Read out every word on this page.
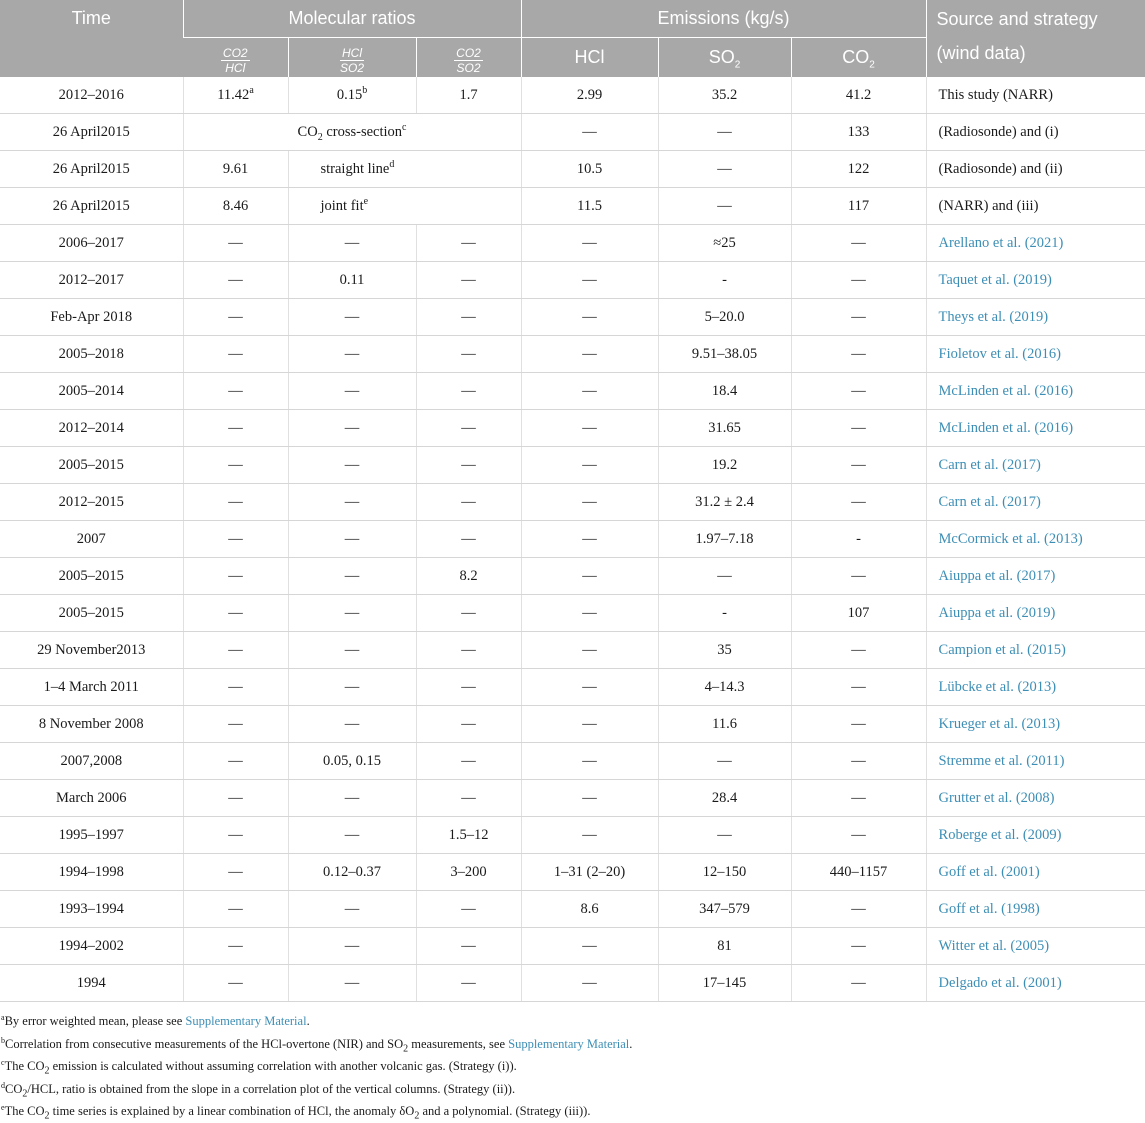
Time	Molecular ratios			Emissions (kg/s)			Source and strategy
(wind data)

	$\frac{CO2}{\text{HCl}}$	$\frac{\text{HCl}}{SO2}$	$\frac{CO2}{SO2}$	HCl	$SO_2$	$CO_2$
2012–2016	11.42$^a$	0.15$^b$	1.7	2.99	35.2	41.2	This study (NARR)
26 April2015	$CO_2$ cross-section$^c$			—	—	133	(Radiosonde) and (i)
26 April2015	9.61	straight line$^d$		10.5	—	122	(Radiosonde) and (ii)
26 April2015	8.46	joint fit$^e$		11.5	—	117	(NARR) and (iii)
2006–2017	—	—	—	—	≈25	—	Arellano et al. (2021)
2012–2017	—	0.11	—	—	-	—	Taquet et al. (2019)
Feb-Apr 2018	—	—	—	—	5–20.0	—	Theys et al. (2019)
2005–2018	—	—	—	—	9.51–38.05	—	Fioletov et al. (2016)
2005–2014	—	—	—	—	18.4	—	McLinden et al. (2016)
2012–2014	—	—	—	—	31.65	—	McLinden et al. (2016)
2005–2015	—	—	—	—	19.2	—	Carn et al. (2017)
2012–2015	—	—	—	—	31.2 ± 2.4	—	Carn et al. (2017)
2007	—	—	—	—	1.97–7.18	-	McCormick et al. (2013)
2005–2015	—	—	8.2	—	—	—	Aiuppa et al. (2017)
2005–2015	—	—	—	—	-	107	Aiuppa et al. (2019)
29 November2013	—	—	—	—	35	—	Campion et al. (2015)
1–4 March 2011	—	—	—	—	4–14.3	—	Lübcke et al. (2013)
8 November 2008	—	—	—	—	11.6	—	Krueger et al. (2013)
2007,2008	—	0.05, 0.15	—	—	—	—	Stremme et al. (2011)
March 2006	—	—	—	—	28.4	—	Grutter et al. (2008)
1995–1997	—	—	1.5–12	—	—	—	Roberge et al. (2009)
1994–1998	—	0.12–0.37	3–200	1–31 (2–20)	12–150	440–1157	Goff et al. (2001)
1993–1994	—	—	—	8.6	347–579	—	Goff et al. (1998)
1994–2002	—	—	—	—	81	—	Witter et al. (2005)
1994	—	—	—	—	17–145	—	Delgado et al. (2001)

$^a$By error weighted mean, please see Supplementary Material.

$^b$Correlation from consecutive measurements of the HCl-overtone (NIR) and $SO_2$ measurements, see Supplementary Material.

$^c$The $CO_2$ emission is calculated without assuming correlation with another volcanic gas. (Strategy (i)).

$^dCO_2$/HCL, ratio is obtained from the slope in a correlation plot of the vertical columns. (Strategy (ii)).

$^e$The $CO_2$ time series is explained by a linear combination of HCl, the anomaly $\delta O_2$ and a polynomial. (Strategy (iii)).
